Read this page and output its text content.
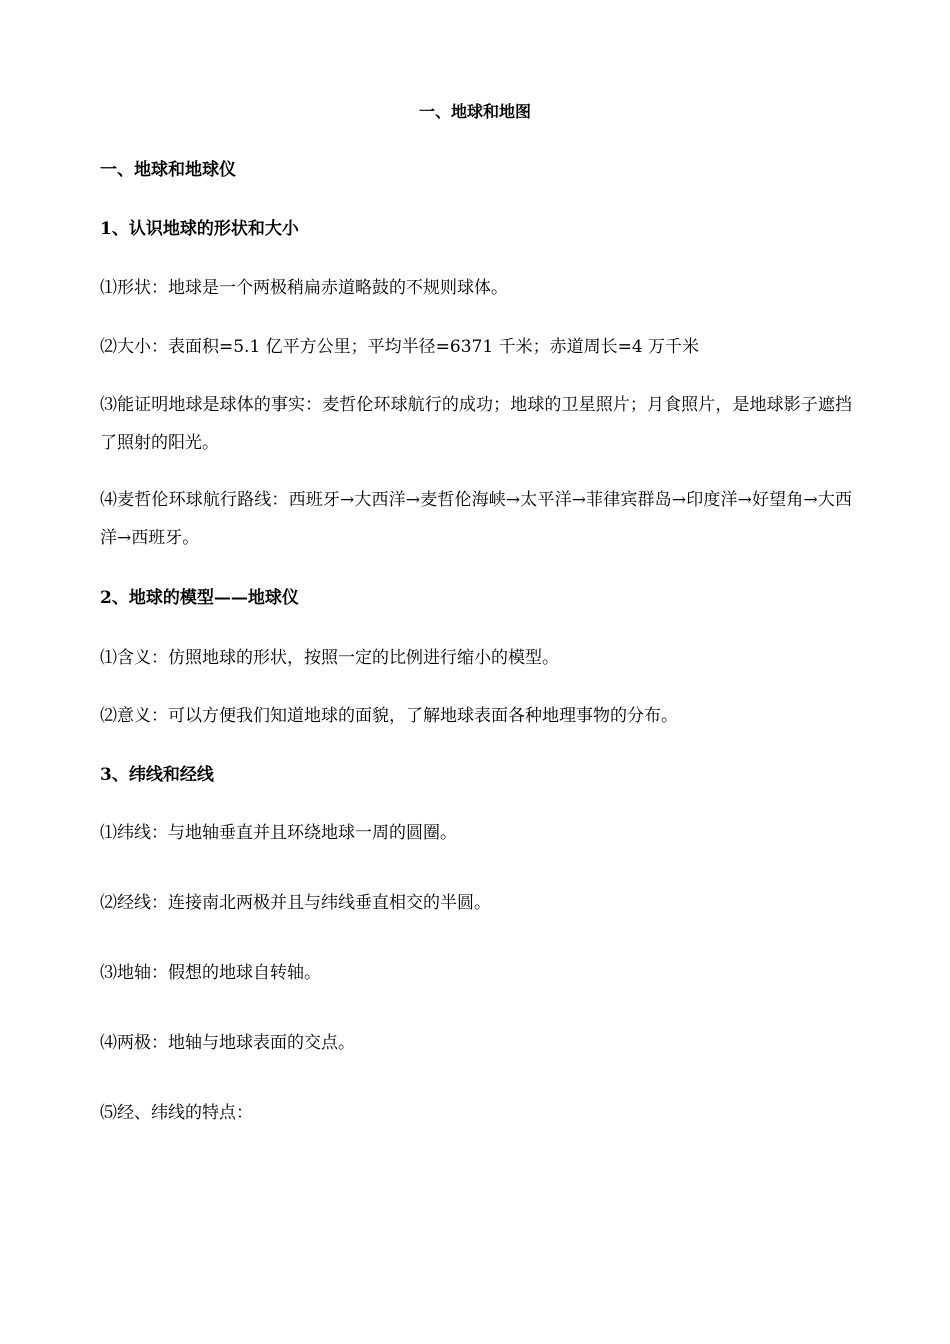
一、地球和地图
一、地球和地球仪
1、认识地球的形状和大小
⑴形状：地球是一个两极稍扁赤道略鼓的不规则球体。
⑵大小：表面积=5.1 亿平方公里；平均半径=6371 千米；赤道周长=4 万千米
⑶能证明地球是球体的事实：麦哲伦环球航行的成功；地球的卫星照片；月食照片，是地球影子遮挡了照射的阳光。
⑷麦哲伦环球航行路线：西班牙→大西洋→麦哲伦海峡→太平洋→菲律宾群岛→印度洋→好望角→大西洋→西班牙。
2、地球的模型——地球仪
⑴含义：仿照地球的形状，按照一定的比例进行缩小的模型。
⑵意义：可以方便我们知道地球的面貌，了解地球表面各种地理事物的分布。
3、纬线和经线
⑴纬线：与地轴垂直并且环绕地球一周的圆圈。
⑵经线：连接南北两极并且与纬线垂直相交的半圆。
⑶地轴：假想的地球自转轴。
⑷两极：地轴与地球表面的交点。
⑸经、纬线的特点：
